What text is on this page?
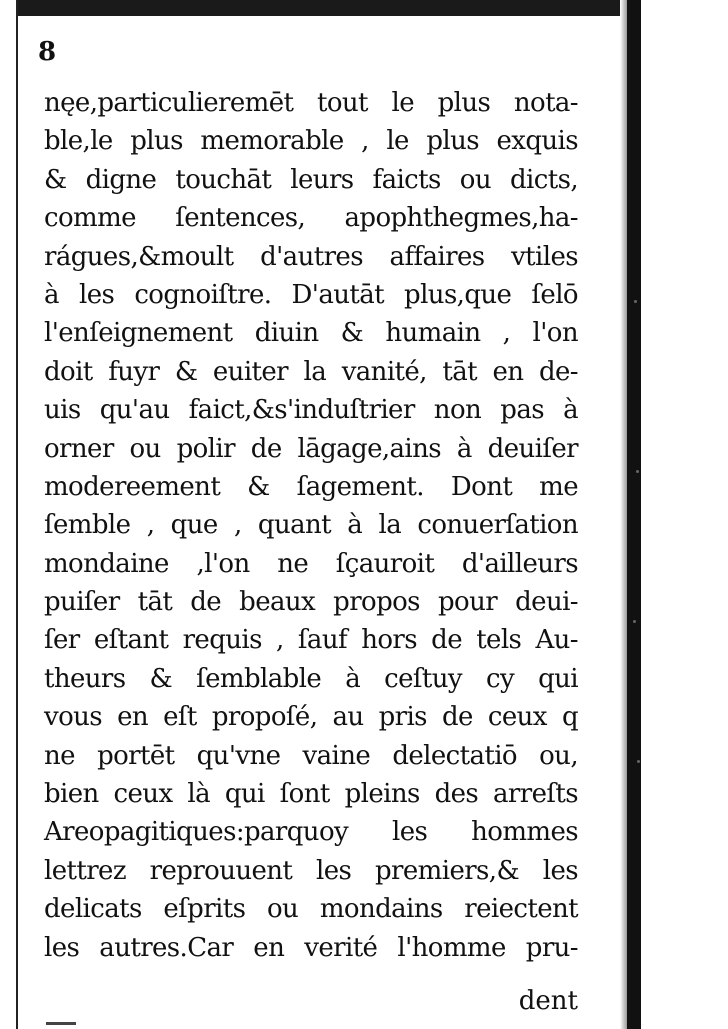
8
nęe,particulieremēt tout le plus nota-
ble,le plus memorable , le plus exquis
& digne touchāt leurs faicts ou dicts,
comme ſentences, apophthegmes,ha-
rágues,&moult d'autres affaires vtiles
à les cognoiſtre. D'autāt plus,que ſelō
l'enſeignement diuin & humain , l'on
doit fuyr & euiter la vanité, tāt en de-
uis qu'au faict,&s'induſtrier non pas à
orner ou polir de lāgage,ains à deuiſer
modereement & ſagement. Dont me
ſemble , que , quant à la conuerſation
mondaine ,l'on ne ſçauroit d'ailleurs
puiſer tāt de beaux propos pour deui-
ſer eſtant requis , ſauf hors de tels Au-
theurs & ſemblable à ceſtuy cy qui
vous en eſt propoſé, au pris de ceux q
ne portēt qu'vne vaine delectatiō ou,
bien ceux là qui ſont pleins des arreſts
Areopagitiques:parquoy les hommes
lettrez reprouuent les premiers,& les
delicats eſprits ou mondains reiectent
les autres.Car en verité l'homme pru-
dent
